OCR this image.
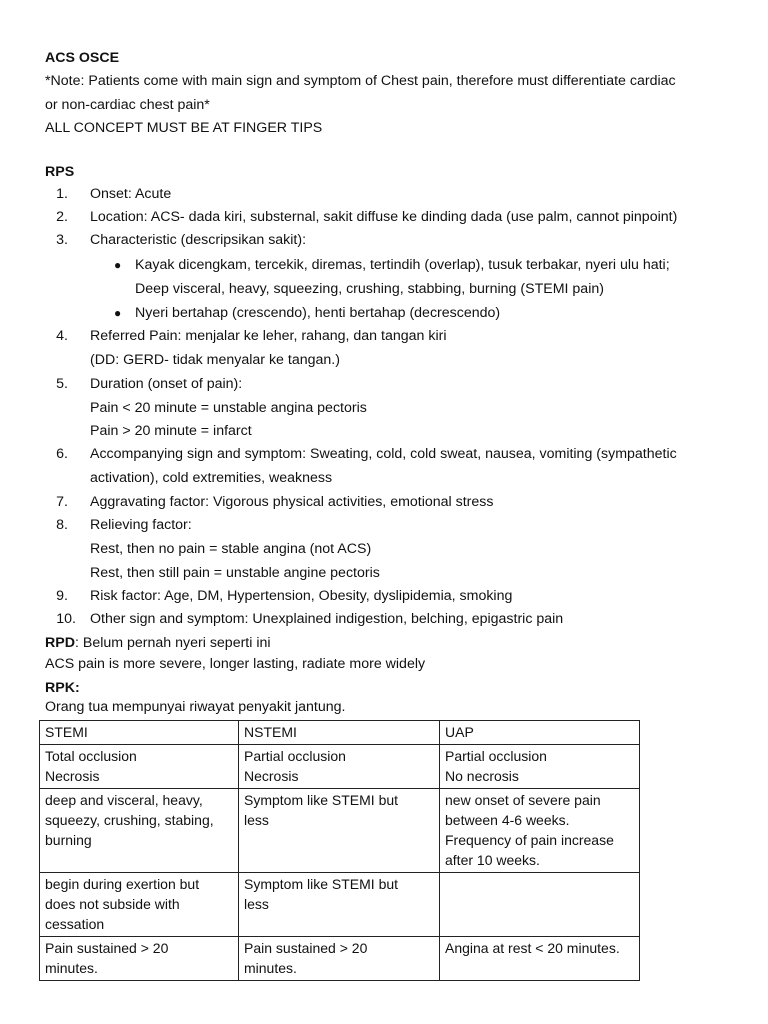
ACS OSCE
*Note: Patients come with main sign and symptom of Chest pain, therefore must differentiate cardiac
or non-cardiac chest pain*
ALL CONCEPT MUST BE AT FINGER TIPS
RPS
1. Onset: Acute
2. Location: ACS- dada kiri, substernal, sakit diffuse ke dinding dada (use palm, cannot pinpoint)
3. Characteristic (descripsikan sakit):
● Kayak dicengkam, tercekik, diremas, tertindih (overlap), tusuk terbakar, nyeri ulu hati;
Deep visceral, heavy, squeezing, crushing, stabbing, burning (STEMI pain)
● Nyeri bertahap (crescendo), henti bertahap (decrescendo)
4. Referred Pain: menjalar ke leher, rahang, dan tangan kiri
(DD: GERD- tidak menyalar ke tangan.)
5. Duration (onset of pain):
Pain < 20 minute = unstable angina pectoris
Pain > 20 minute = infarct
6. Accompanying sign and symptom: Sweating, cold, cold sweat, nausea, vomiting (sympathetic
activation), cold extremities, weakness
7. Aggravating factor: Vigorous physical activities, emotional stress
8. Relieving factor:
Rest, then no pain = stable angina (not ACS)
Rest, then still pain = unstable angine pectoris
9. Risk factor: Age, DM, Hypertension, Obesity, dyslipidemia, smoking
10. Other sign and symptom: Unexplained indigestion, belching, epigastric pain
RPD: Belum pernah nyeri seperti ini
ACS pain is more severe, longer lasting, radiate more widely
RPK:
Orang tua mempunyai riwayat penyakit jantung.
STEMI	NSTEMI	UAP

Total occlusion
Necrosis	Partial occlusion
Necrosis	Partial occlusion
No necrosis

deep and visceral, heavy,
squeezy, crushing, stabing,
burning	Symptom like STEMI but
less	new onset of severe pain
between 4-6 weeks.
Frequency of pain increase
after 10 weeks.

begin during exertion but
does not subside with
cessation	Symptom like STEMI but
less	

Pain sustained > 20
minutes.	Pain sustained > 20
minutes.	Angina at rest < 20 minutes.
